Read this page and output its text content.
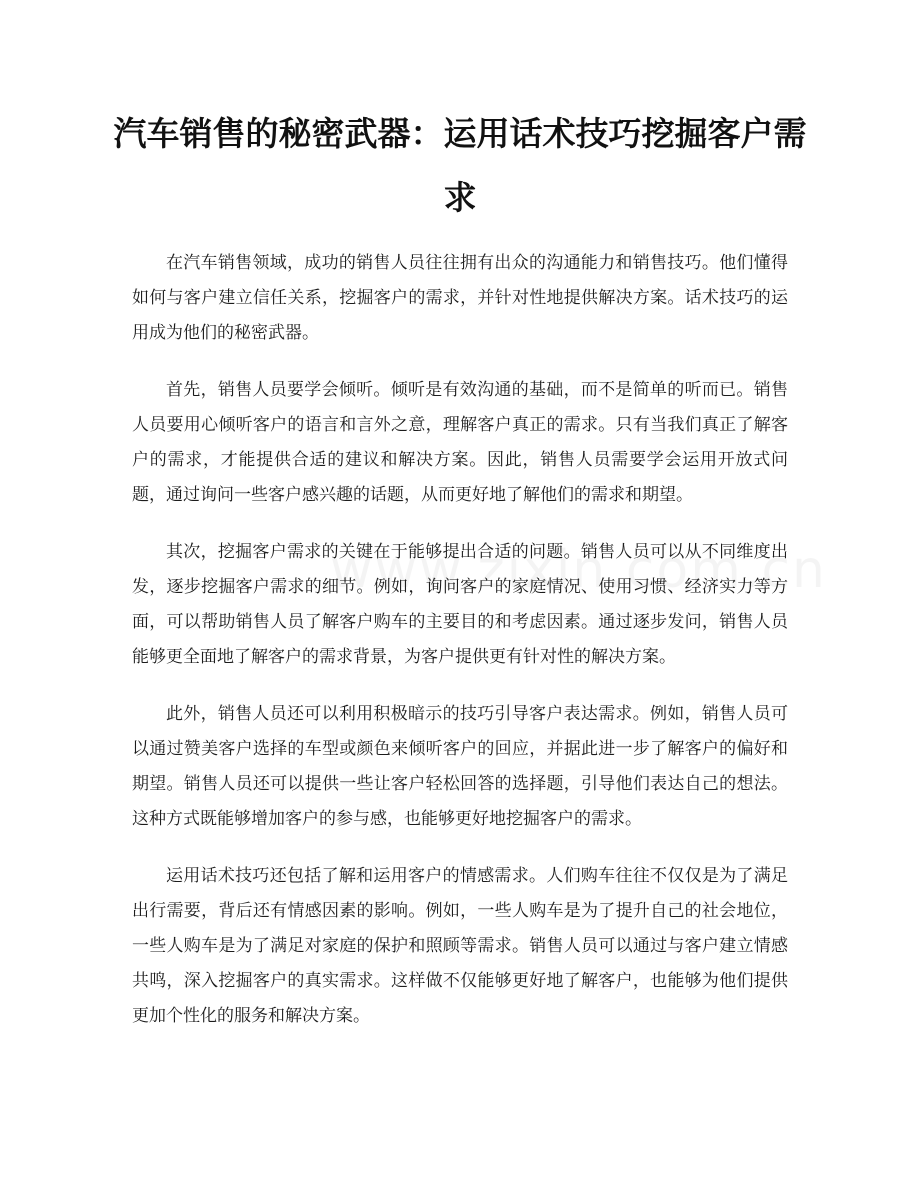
汽车销售的秘密武器：运用话术技巧挖掘客户需求

在汽车销售领域，成功的销售人员往往拥有出众的沟通能力和销售技巧。他们懂得如何与客户建立信任关系，挖掘客户的需求，并针对性地提供解决方案。话术技巧的运用成为他们的秘密武器。

首先，销售人员要学会倾听。倾听是有效沟通的基础，而不是简单的听而已。销售人员要用心倾听客户的语言和言外之意，理解客户真正的需求。只有当我们真正了解客户的需求，才能提供合适的建议和解决方案。因此，销售人员需要学会运用开放式问题，通过询问一些客户感兴趣的话题，从而更好地了解他们的需求和期望。

其次，挖掘客户需求的关键在于能够提出合适的问题。销售人员可以从不同维度出发，逐步挖掘客户需求的细节。例如，询问客户的家庭情况、使用习惯、经济实力等方面，可以帮助销售人员了解客户购车的主要目的和考虑因素。通过逐步发问，销售人员能够更全面地了解客户的需求背景，为客户提供更有针对性的解决方案。

此外，销售人员还可以利用积极暗示的技巧引导客户表达需求。例如，销售人员可以通过赞美客户选择的车型或颜色来倾听客户的回应，并据此进一步了解客户的偏好和期望。销售人员还可以提供一些让客户轻松回答的选择题，引导他们表达自己的想法。这种方式既能够增加客户的参与感，也能够更好地挖掘客户的需求。

运用话术技巧还包括了解和运用客户的情感需求。人们购车往往不仅仅是为了满足出行需要，背后还有情感因素的影响。例如，一些人购车是为了提升自己的社会地位，一些人购车是为了满足对家庭的保护和照顾等需求。销售人员可以通过与客户建立情感共鸣，深入挖掘客户的真实需求。这样做不仅能够更好地了解客户，也能够为他们提供更加个性化的服务和解决方案。
